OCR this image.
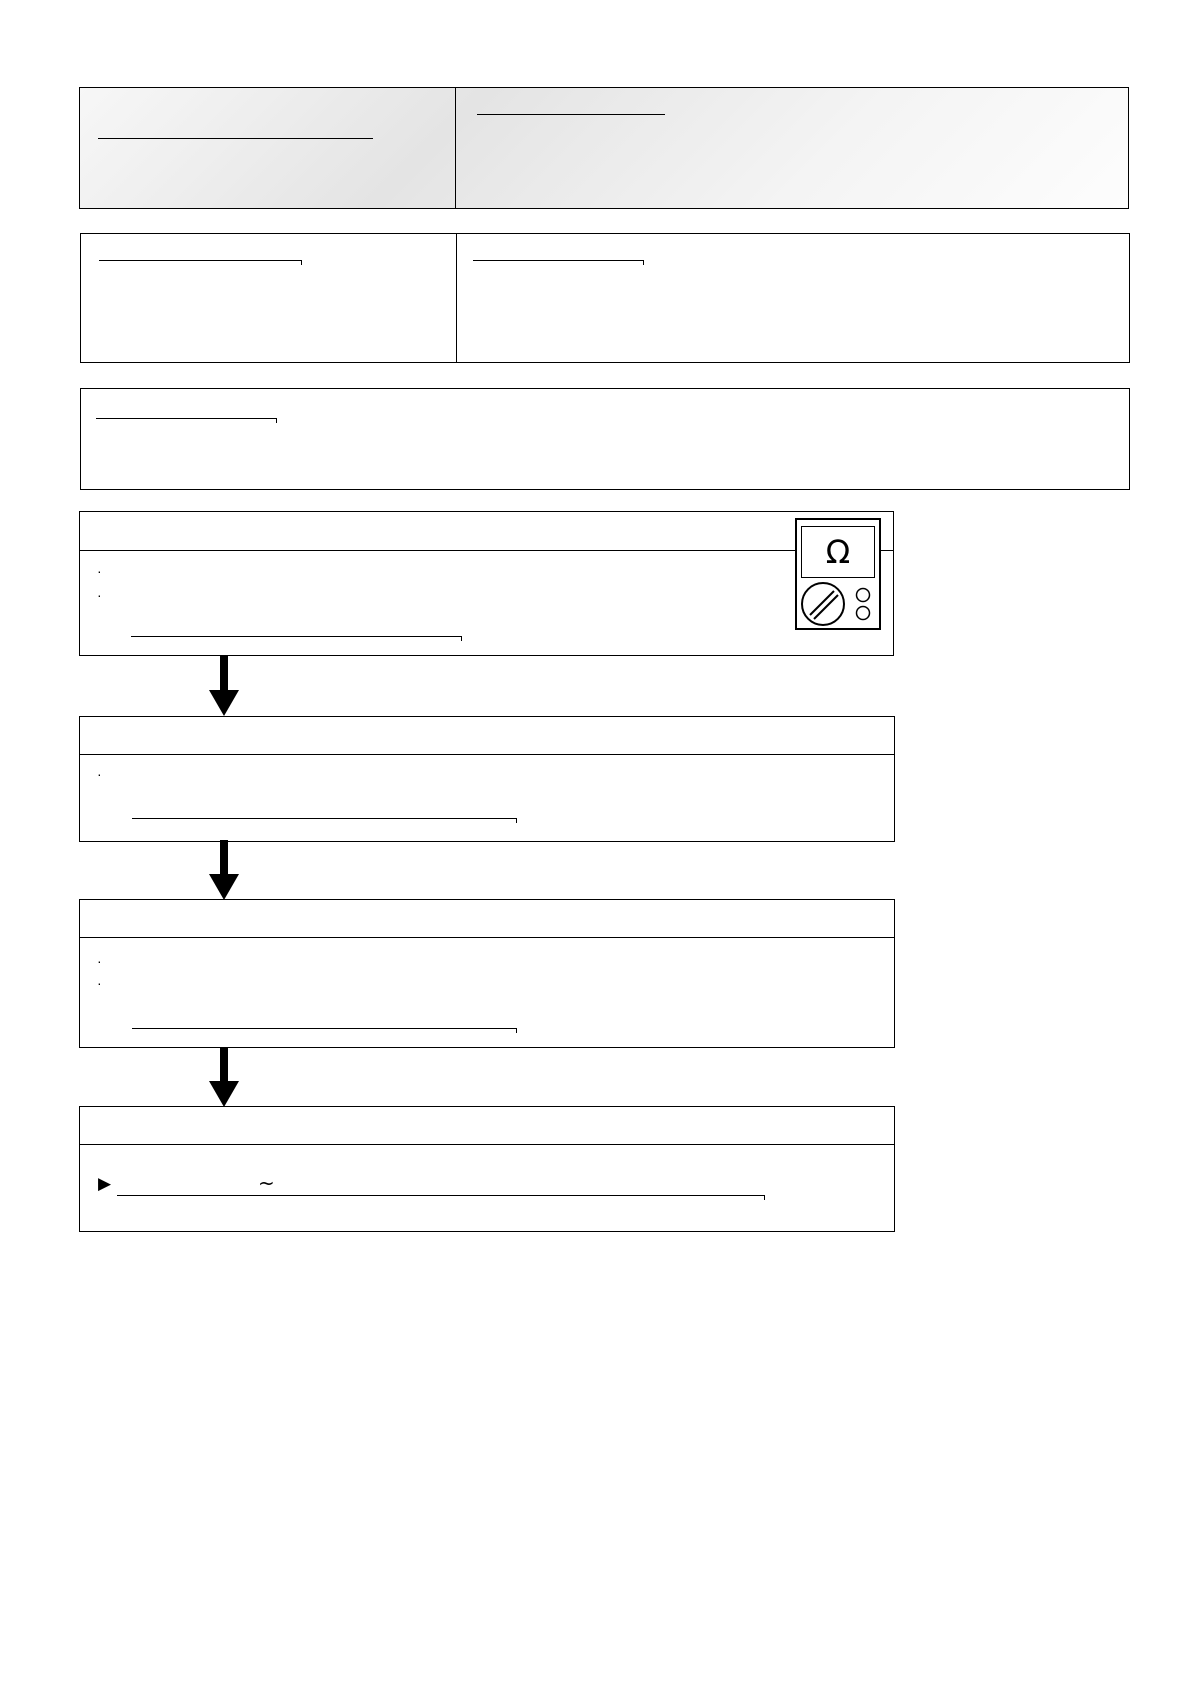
·
·
Ω
·
·
·
▶	~
